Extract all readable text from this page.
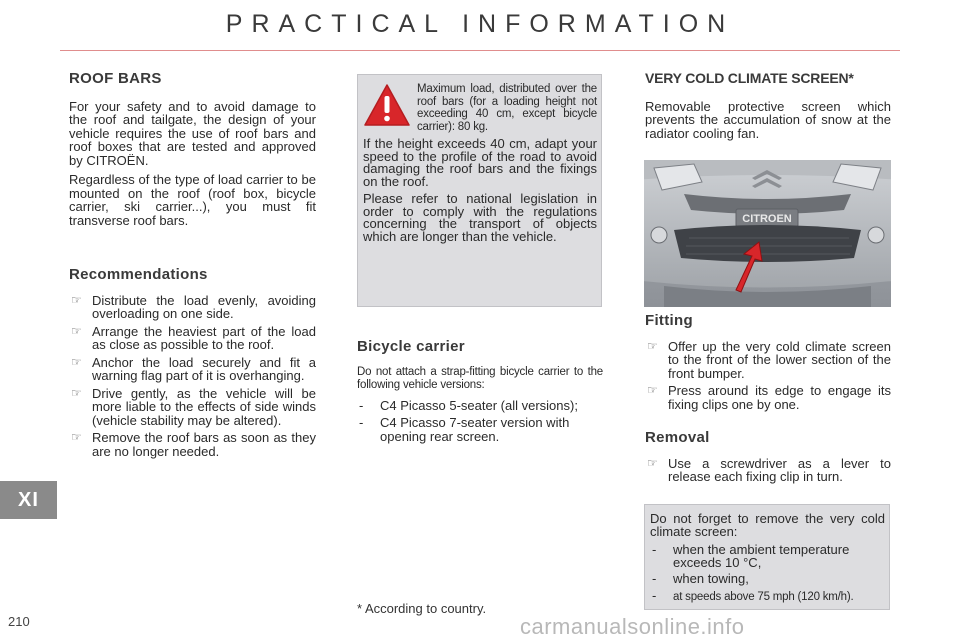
PRACTICAL INFORMATION
ROOF BARS

For your safety and to avoid damage to the roof and tailgate, the design of your vehicle requires the use of roof bars and roof boxes that are tested and approved by CITROËN.

Regardless of the type of load carrier to be mounted on the roof (roof box, bicycle carrier, ski carrier...), you must fit transverse roof bars.

Recommendations
☞ Distribute the load evenly, avoiding overloading on one side.
☞ Arrange the heaviest part of the load as close as possible to the roof.
☞ Anchor the load securely and fit a warning flag part of it is overhanging.
☞ Drive gently, as the vehicle will be more liable to the effects of side winds (vehicle stability may be altered).
☞ Remove the roof bars as soon as they are no longer needed.

Maximum load, distributed over the roof bars (for a loading height not exceeding 40 cm, except bicycle carrier): 80 kg.

If the height exceeds 40 cm, adapt your speed to the profile of the road to avoid damaging the roof bars and the fixings on the roof.

Please refer to national legislation in order to comply with the regulations concerning the transport of objects which are longer than the vehicle.

Bicycle carrier

Do not attach a strap-fitting bicycle carrier to the following vehicle versions:

- C4 Picasso 5-seater (all versions);
- C4 Picasso 7-seater version with opening rear screen.
* According to country.
VERY COLD CLIMATE SCREEN*

Removable protective screen which prevents the accumulation of snow at the radiator cooling fan.

CITROEN
Fitting
☞ Offer up the very cold climate screen to the front of the lower section of the front bumper.
☞ Press around its edge to engage its fixing clips one by one.
Removal
☞ Use a screwdriver as a lever to release each fixing clip in turn.

Do not forget to remove the very cold climate screen:

- when the ambient temperature exceeds 10 °C,
- when towing,
- at speeds above 75 mph (120 km/h).
XI
210	carmanualsonline.info
